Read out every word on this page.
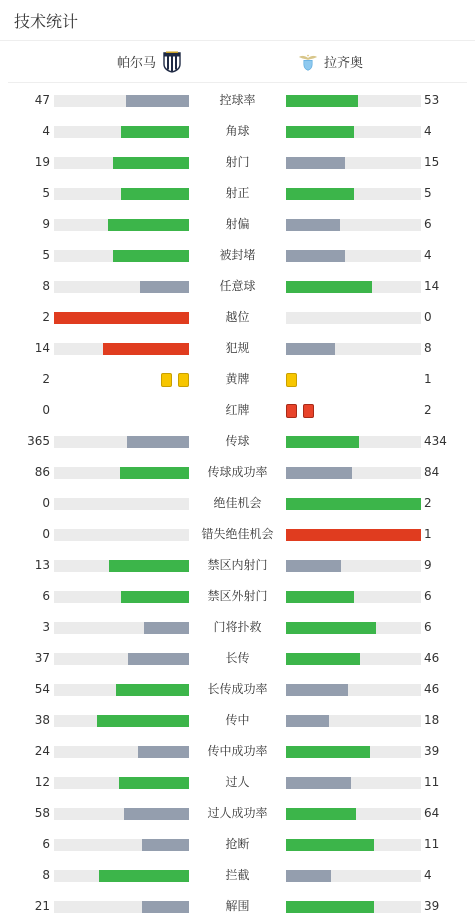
技术统计
帕尔马	拉齐奥
47	控球率	53
4	角球	4
19	射门	15
5	射正	5
9	射偏	6
5	被封堵	4
8	任意球	14
2	越位	0
14	犯规	8
2	黄牌	1
0	红牌	2
365	传球	434
86	传球成功率	84
0	绝佳机会	2
0	错失绝佳机会	1
13	禁区内射门	9
6	禁区外射门	6
3	门将扑救	6
37	长传	46
54	长传成功率	46
38	传中	18
24	传中成功率	39
12	过人	11
58	过人成功率	64
6	抢断	11
8	拦截	4
21	解围	39
